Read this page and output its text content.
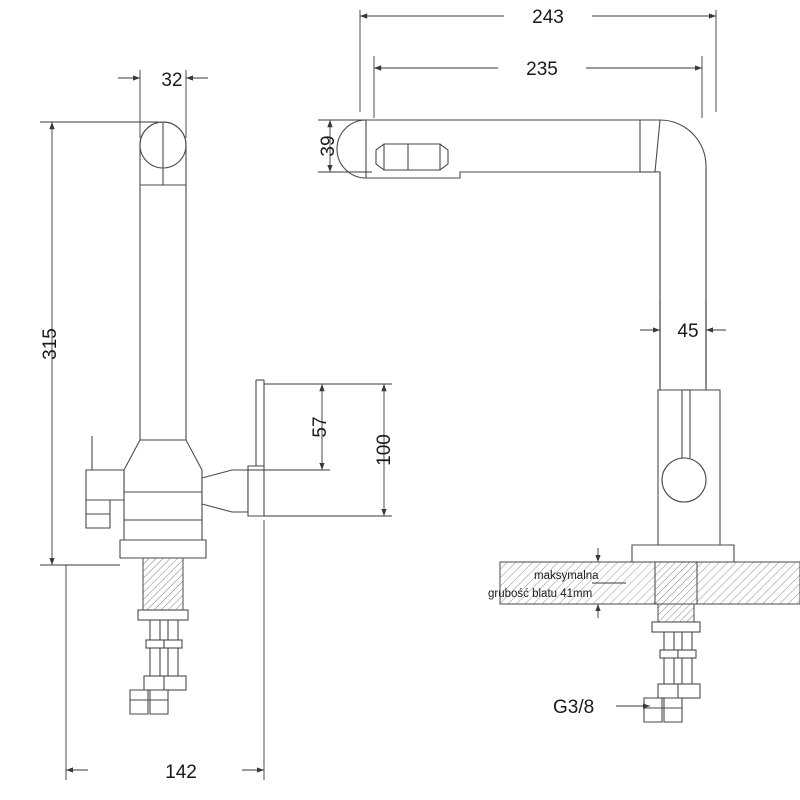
32
315
57
100
142
243
235
39
45
maksymalna
grubość blatu 41mm
G3/8
